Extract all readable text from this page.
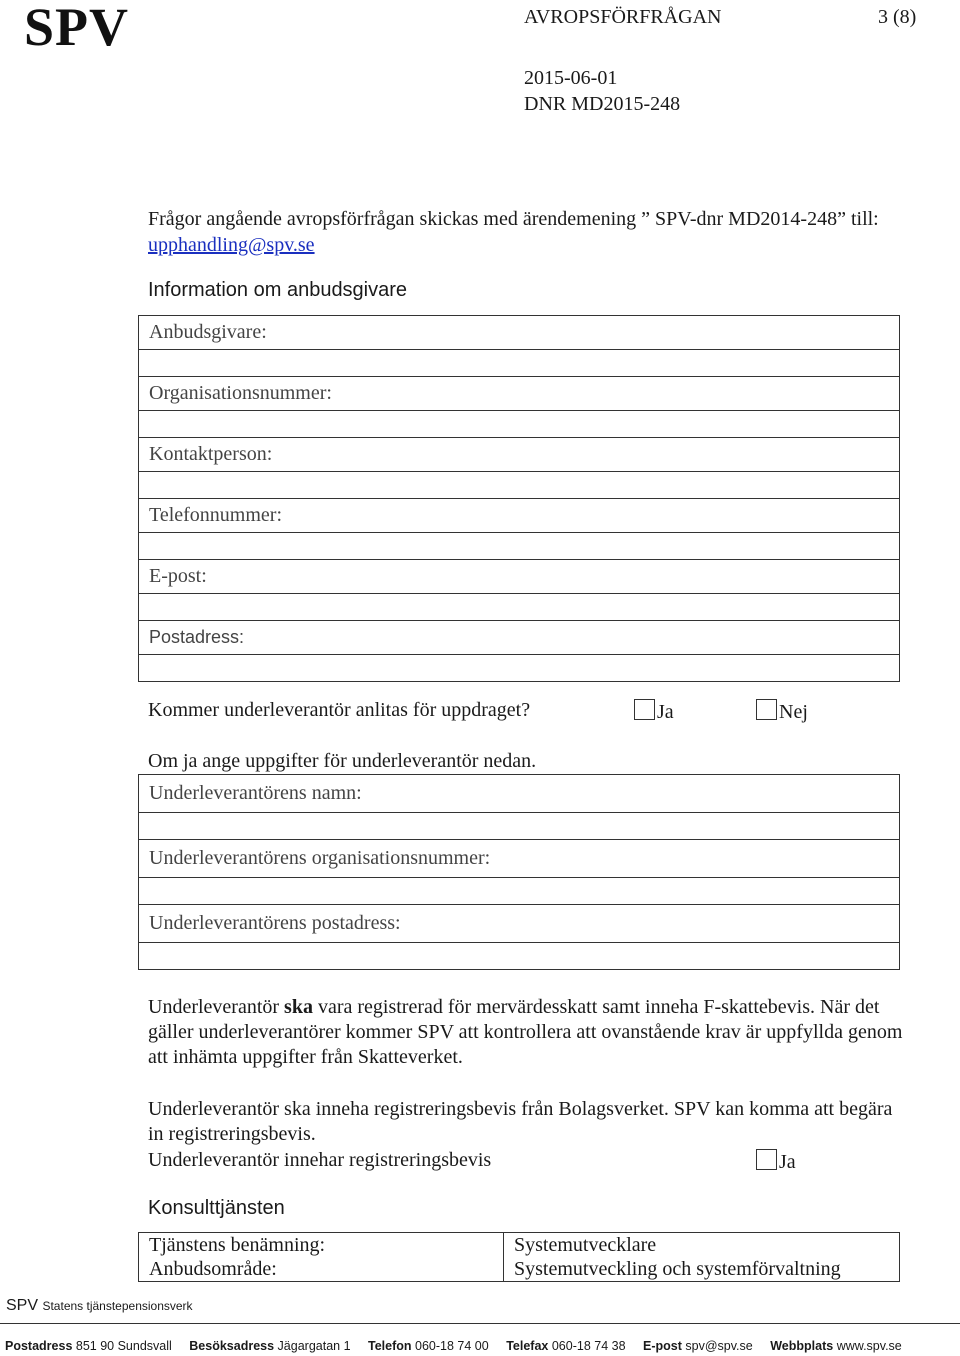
SPV	AVROPSFÖRFRÅGAN	3 (8)
2015-06-01
DNR MD2015-248
Frågor angående avropsförfrågan skickas med ärendemening ” SPV-dnr MD2014-248” till: upphandling@spv.se
Information om anbudsgivare
Anbudsgivare:

Organisationsnummer:

Kontaktperson:

Telefonnummer:

E-post:

Postadress:

Kommer underleverantör anlitas för uppdraget?	Ja	Nej
Om ja ange uppgifter för underleverantör nedan.
Underleverantörens namn:

Underleverantörens organisationsnummer:

Underleverantörens postadress:

Underleverantör ska vara registrerad för mervärdesskatt samt inneha F-skattebevis. När det gäller underleverantörer kommer SPV att kontrollera att ovanstående krav är uppfyllda genom att inhämta uppgifter från Skatteverket.
Underleverantör ska inneha registreringsbevis från Bolagsverket. SPV kan komma att begära in registreringsbevis.
Underleverantör innehar registreringsbevis	Ja
Konsulttjänsten
Tjänstens benämning:	Systemutvecklare
Anbudsområde:	Systemutveckling och systemförvaltning
SPV Statens tjänstepensionsverk
Postadress 851 90 Sundsvall Besöksadress Jägargatan 1 Telefon 060-18 74 00 Telefax 060-18 74 38 E-post spv@spv.se Webbplats www.spv.se
